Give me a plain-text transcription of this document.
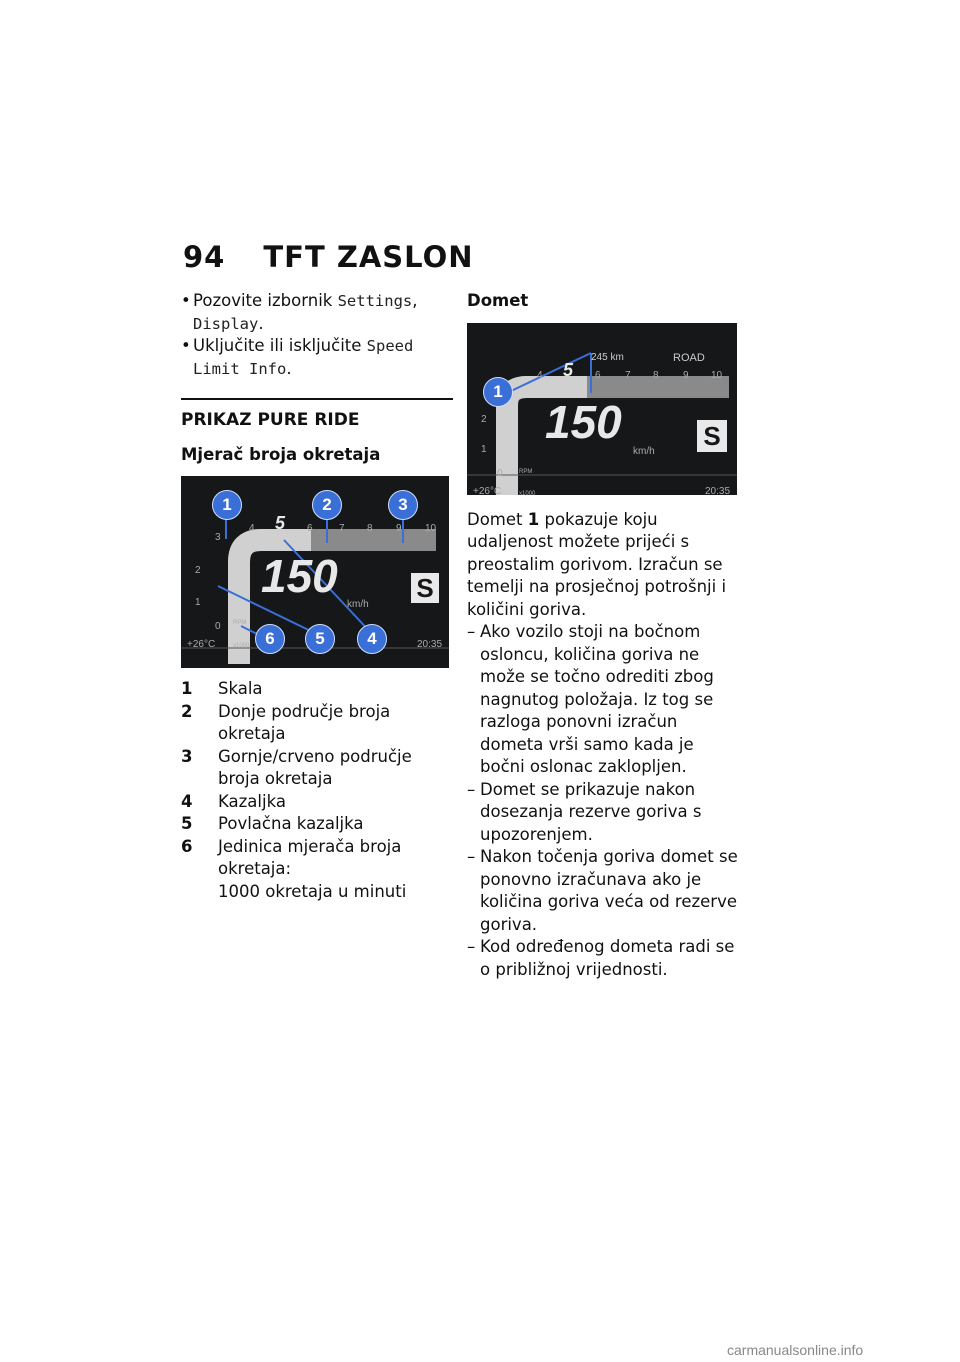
94 TFT ZASLON
• Pozovite izbornik Settings,
Display.
• Uključite ili isključite Speed
Limit Info.
PRIKAZ PURE RIDE
Mjerač broja okretaja
150
km/h
S
+26°C	20:35
4 5 6	7 8 9 10
3
2
1
0 RPM x1000
1	2	3
4
5
6
1	Skala
2	Donje područje broja okretaja
3	Gornje/crveno područje broja okretaja
4	Kazaljka
5	Povlačna kazaljka
6	Jedinica mjerača broja okretaja:
1000 okretaja u minuti
Domet
245 km	ROAD
150
km/h
S
+26°C	20:35
4 5 6 7 8 9 10
2
1
0	RPM x1000
1
Domet 1 pokazuje koju udaljenost možete prijeći s preostalim gorivom. Izračun se temelji na prosječnoj potrošnji i količini goriva.
– Ako vozilo stoji na bočnom osloncu, količina goriva ne može se točno odrediti zbog nagnutog položaja. Iz tog se razloga ponovni izračun dometa vrši samo kada je bočni oslonac zaklopljen.
– Domet se prikazuje nakon dosezanja rezerve goriva s upozorenjem.
– Nakon točenja goriva domet se ponovno izračunava ako je količina goriva veća od rezerve goriva.
– Kod određenog dometa radi se o približnoj vrijednosti.
carmanualsonline.info
